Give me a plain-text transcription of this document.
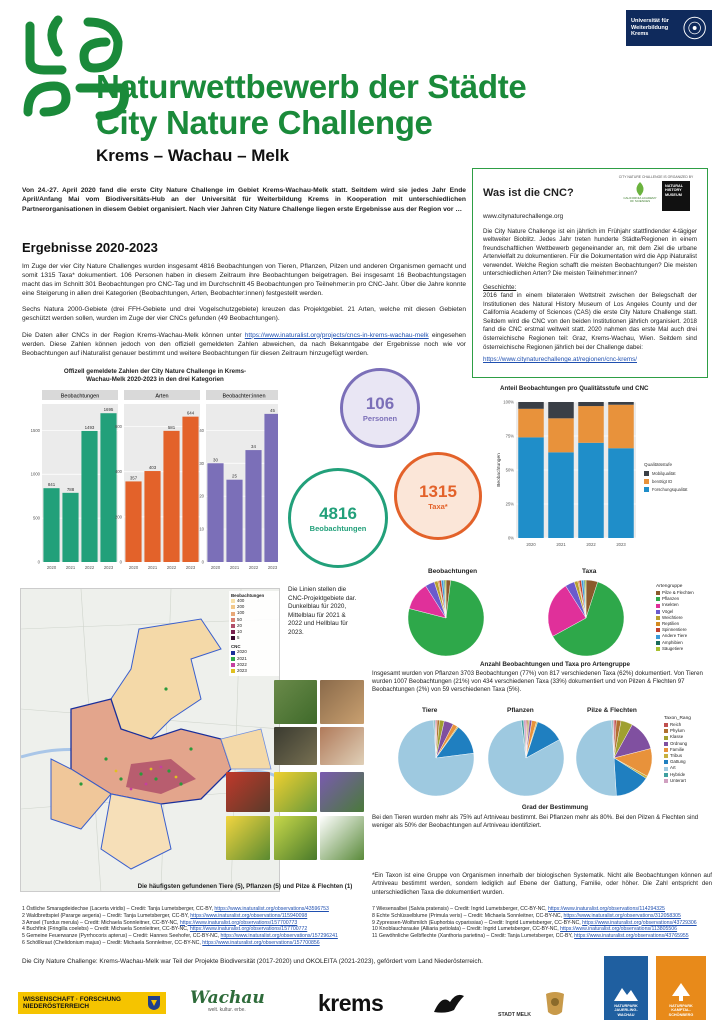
Naturwettbewerb der Städte
City Nature Challenge
Krems – Wachau – Melk
Universität für Weiterbildung Krems
Von 24.-27. April 2020 fand die erste City Nature Challenge im Gebiet Krems-Wachau-Melk statt. Seitdem wird sie jedes Jahr Ende April/Anfang Mai vom Biodiversitäts-Hub an der Universität für Weiterbildung Krems in Kooperation mit unterschiedlichen Partnerorganisationen in diesem Gebiet organisiert. Nach vier Jahren City Nature Challenge liegen erste Ergebnisse aus der Region vor …
Ergebnisse 2020-2023

Im Zuge der vier City Nature Challenges wurden insgesamt 4816 Beobachtungen von Tieren, Pflanzen, Pilzen und anderen Organismen gemacht und somit 1315 Taxa* dokumentiert. 106 Personen haben in diesem Zeitraum ihre Beobachtungen beigetragen. Bei insgesamt 16 Beobachtungstagen macht das im Schnitt 301 Beobachtungen pro CNC-Tag und im Durchschnitt 45 Beobachtungen pro Teilnehmer:in pro CNC-Jahr. Über die Jahre konnte eine Steigerung in allen drei Kategorien (Beobachtungen, Arten, Beobachter:innen) festgestellt werden.

Sechs Natura 2000-Gebiete (drei FFH-Gebiete und drei Vogelschutzgebiete) kreuzen das Projektgebiet. 21 Arten, welche mit diesen Gebieten geschützt werden sollen, wurden im Zuge der vier CNCs gefunden (49 Beobachtungen).

Die Daten aller CNCs in der Region Krems-Wachau-Melk können unter https://www.inaturalist.org/projects/cncs-in-krems-wachau-melk eingesehen werden. Diese Zahlen können jedoch von den offiziell gemeldeten Zahlen abweichen, da nach Bekanntgabe der Ergebnisse noch wie vor Beobachtungen auf iNaturalist genauer bestimmt und weitere Beobachtungen für diesen Zeitraum hinzugefügt werden.

Was ist die CNC?
CITY NATURE CHALLENGE IS ORGANIZED BY
CALIFORNIA ACADEMY OF SCIENCES
NATURAL HISTORY MUSEUM
www.citynaturechallenge.org

Die City Nature Challenge ist ein jährlich im Frühjahr stattfindender 4-tägiger weltweiter Bioblitz. Jedes Jahr treten hunderte Städte/Regionen in einem freundschaftlichen Wettbewerb gegeneinander an, mit dem Ziel die urbane Artenvielfalt zu dokumentieren. Für die Dokumentation wird die App iNaturalist verwendet. Welche Region schafft die meisten Beobachtungen? Die meisten unterschiedlichen Arten? Die meisten Teilnehmer:innen?

Geschichte:

2016 fand in einem bilateralen Wettstreit zwischen der Belegschaft der Institutionen des Natural History Museum of Los Angeles County und der California Academy of Sciences (CAS) die erste City Nature Challenge statt. Seitdem wird die CNC von den beiden Institutionen jährlich organisiert. 2018 fand die CNC erstmal weltweit statt. 2020 nahmen das erste Mal auch drei österreichische Regionen teil: Graz, Krems-Wachau, Wien. Seitdem sind österreichische Regionen jährlich bei der Challenge dabei:

https://www.citynaturechallenge.at/regionen/cnc-krems/
Offizell gemeldete Zahlen der City Nature Challenge in Krems-Wachau-Melk 2020-2023 in den drei Kategorien
Beobachtungen
0
500
1000
1500
841
2020
788
2021
1493
2022
1695
2023
Arten
0
200
400
600
357
2020
403
2021
581
2022
644
2023
Beobachter:innen
0
10
20
30
40
30
2020
25
2021
34
2022
45
2023
106
Personen
4816
Beobachtungen
1315
Taxa*
Anteil Beobachtungen pro Qualitätsstufe und CNC
0%
25%
50%
75%
100%
Beobachtungen
2020	2021	2022	2023
Qualitätsstufe
Mobilqualität
benötigt ID
Forschungsqualität
Beobachtungen
400
200
100
50
20
10
5
CNC
2020
2021
2022
2023
Die Linien stellen die CNC-Projektgebiete dar. Dunkelblau für 2020, Mittelblau für 2021 & 2022 und Hellblau für 2023.
Die häufigsten gefundenen Tiere (5), Pflanzen (5) und Pilze & Flechten (1)
Beobachtungen	Taxa
Artengruppe
Pilze & Flechten
Pflanzen
Insekten
Vögel
Weichtiere
Reptilien
Spinnentiere
Andere Tiere
Amphibien
Säugetiere
Anzahl Beobachtungen und Taxa pro Artengruppe
Insgesamt wurden von Pflanzen 3703 Beobachtungen (77%) von 817 verschiedenen Taxa (62%) dokumentiert. Von Tieren wurden 1007 Beobachtungen (21%) von 434 verschiedenen Taxa (33%) dokumentiert und von Pilzen & Flechten 97 Beobachtungen (2%) von 59 verschiedenen Taxa (5%).
Tiere	Pflanzen	Pilze & Flechten
Taxon_Rang
Reich
Phylum
Klasse
Ordnung
Familie
Tribus
Gattung
Art
Hybride
Unterart
Grad der Bestimmung
Bei den Tieren wurden mehr als 75% auf Artniveau bestimmt. Bei Pflanzen mehr als 80%. Bei den Pilzen & Flechten sind weniger als 50% der Beobachtungen auf Artniveau identifiziert.
*Ein Taxon ist eine Gruppe von Organismen innerhalb der biologischen Systematik. Nicht alle Beobachtungen können auf Artniveau bestimmt werden, sondern lediglich auf Ebene der Gattung, Familie, oder höher. Die Zahl entspricht den unterschiedlichen Taxa die dokumentiert wurden.
1 Östliche Smaragdeidechse (Lacerta viridis) – Credit: Tanja Lumetsberger, CC-BY, https://www.inaturalist.org/observations/43596753
2 Waldbrettspiel (Pararge aegeria) – Credit: Tanja Lumetsberger, CC-BY, https://www.inaturalist.org/observations/115940098
3 Amsel (Turdus merula) – Credit: Michaela Sonnleitner, CC-BY-NC, https://www.inaturalist.org/observations/157700773
4 Buchfink (Fringilla coelebs) – Credit: Michaela Sonnleitner, CC-BY-NC, https://www.inaturalist.org/observations/157700772
5 Gemeine Feuerwanze (Pyrrhocoris apterus) – Credit: Hannes Seehofer, CC-BY-NC, https://www.inaturalist.org/observations/157296241
6 Schöllkraut (Chelidonium majus) – Credit: Michaela Sonnleitner, CC-BY-NC, https://www.inaturalist.org/observations/157700856
7 Wiesensalbei (Salvia pratensis) – Credit: Ingrid Lumetsberger, CC-BY-NC, https://www.inaturalist.org/observations/114294325
8 Echte Schlüsselblume (Primula veris) – Credit: Michaela Sonnleitner, CC-BY-NC, https://www.inaturalist.org/observations/312058305
9 Zypressen-Wolfsmilch (Euphorbia cyparissias) – Credit: Ingrid Lumetsberger, CC-BY-NC, https://www.inaturalist.org/observations/43729306
10 Knoblauchsrauke (Alliaria petiolata) – Credit: Ingrid Lumetsberger, CC-BY-NC, https://www.inaturalist.org/observations/113805506
11 Gewöhnliche Gelbflechte (Xanthoria parietina) – Credit: Tanja Lumetsberger, CC-BY, https://www.inaturalist.org/observations/43765955
Die City Nature Challenge: Krems-Wachau-Melk war Teil der Projekte Biodiversität (2017-2020) und OKOLEITA (2021-2023), gefördert vom Land Niederösterreich.
WISSENSCHAFT · FORSCHUNG
NIEDERÖSTERREICH	Wachau
welt. kultur. erbe.	krems	STADT MELK
NATURPARK JAUERLING-WACHAU
NATURPARK KAMPTAL-SCHÖNBERG
